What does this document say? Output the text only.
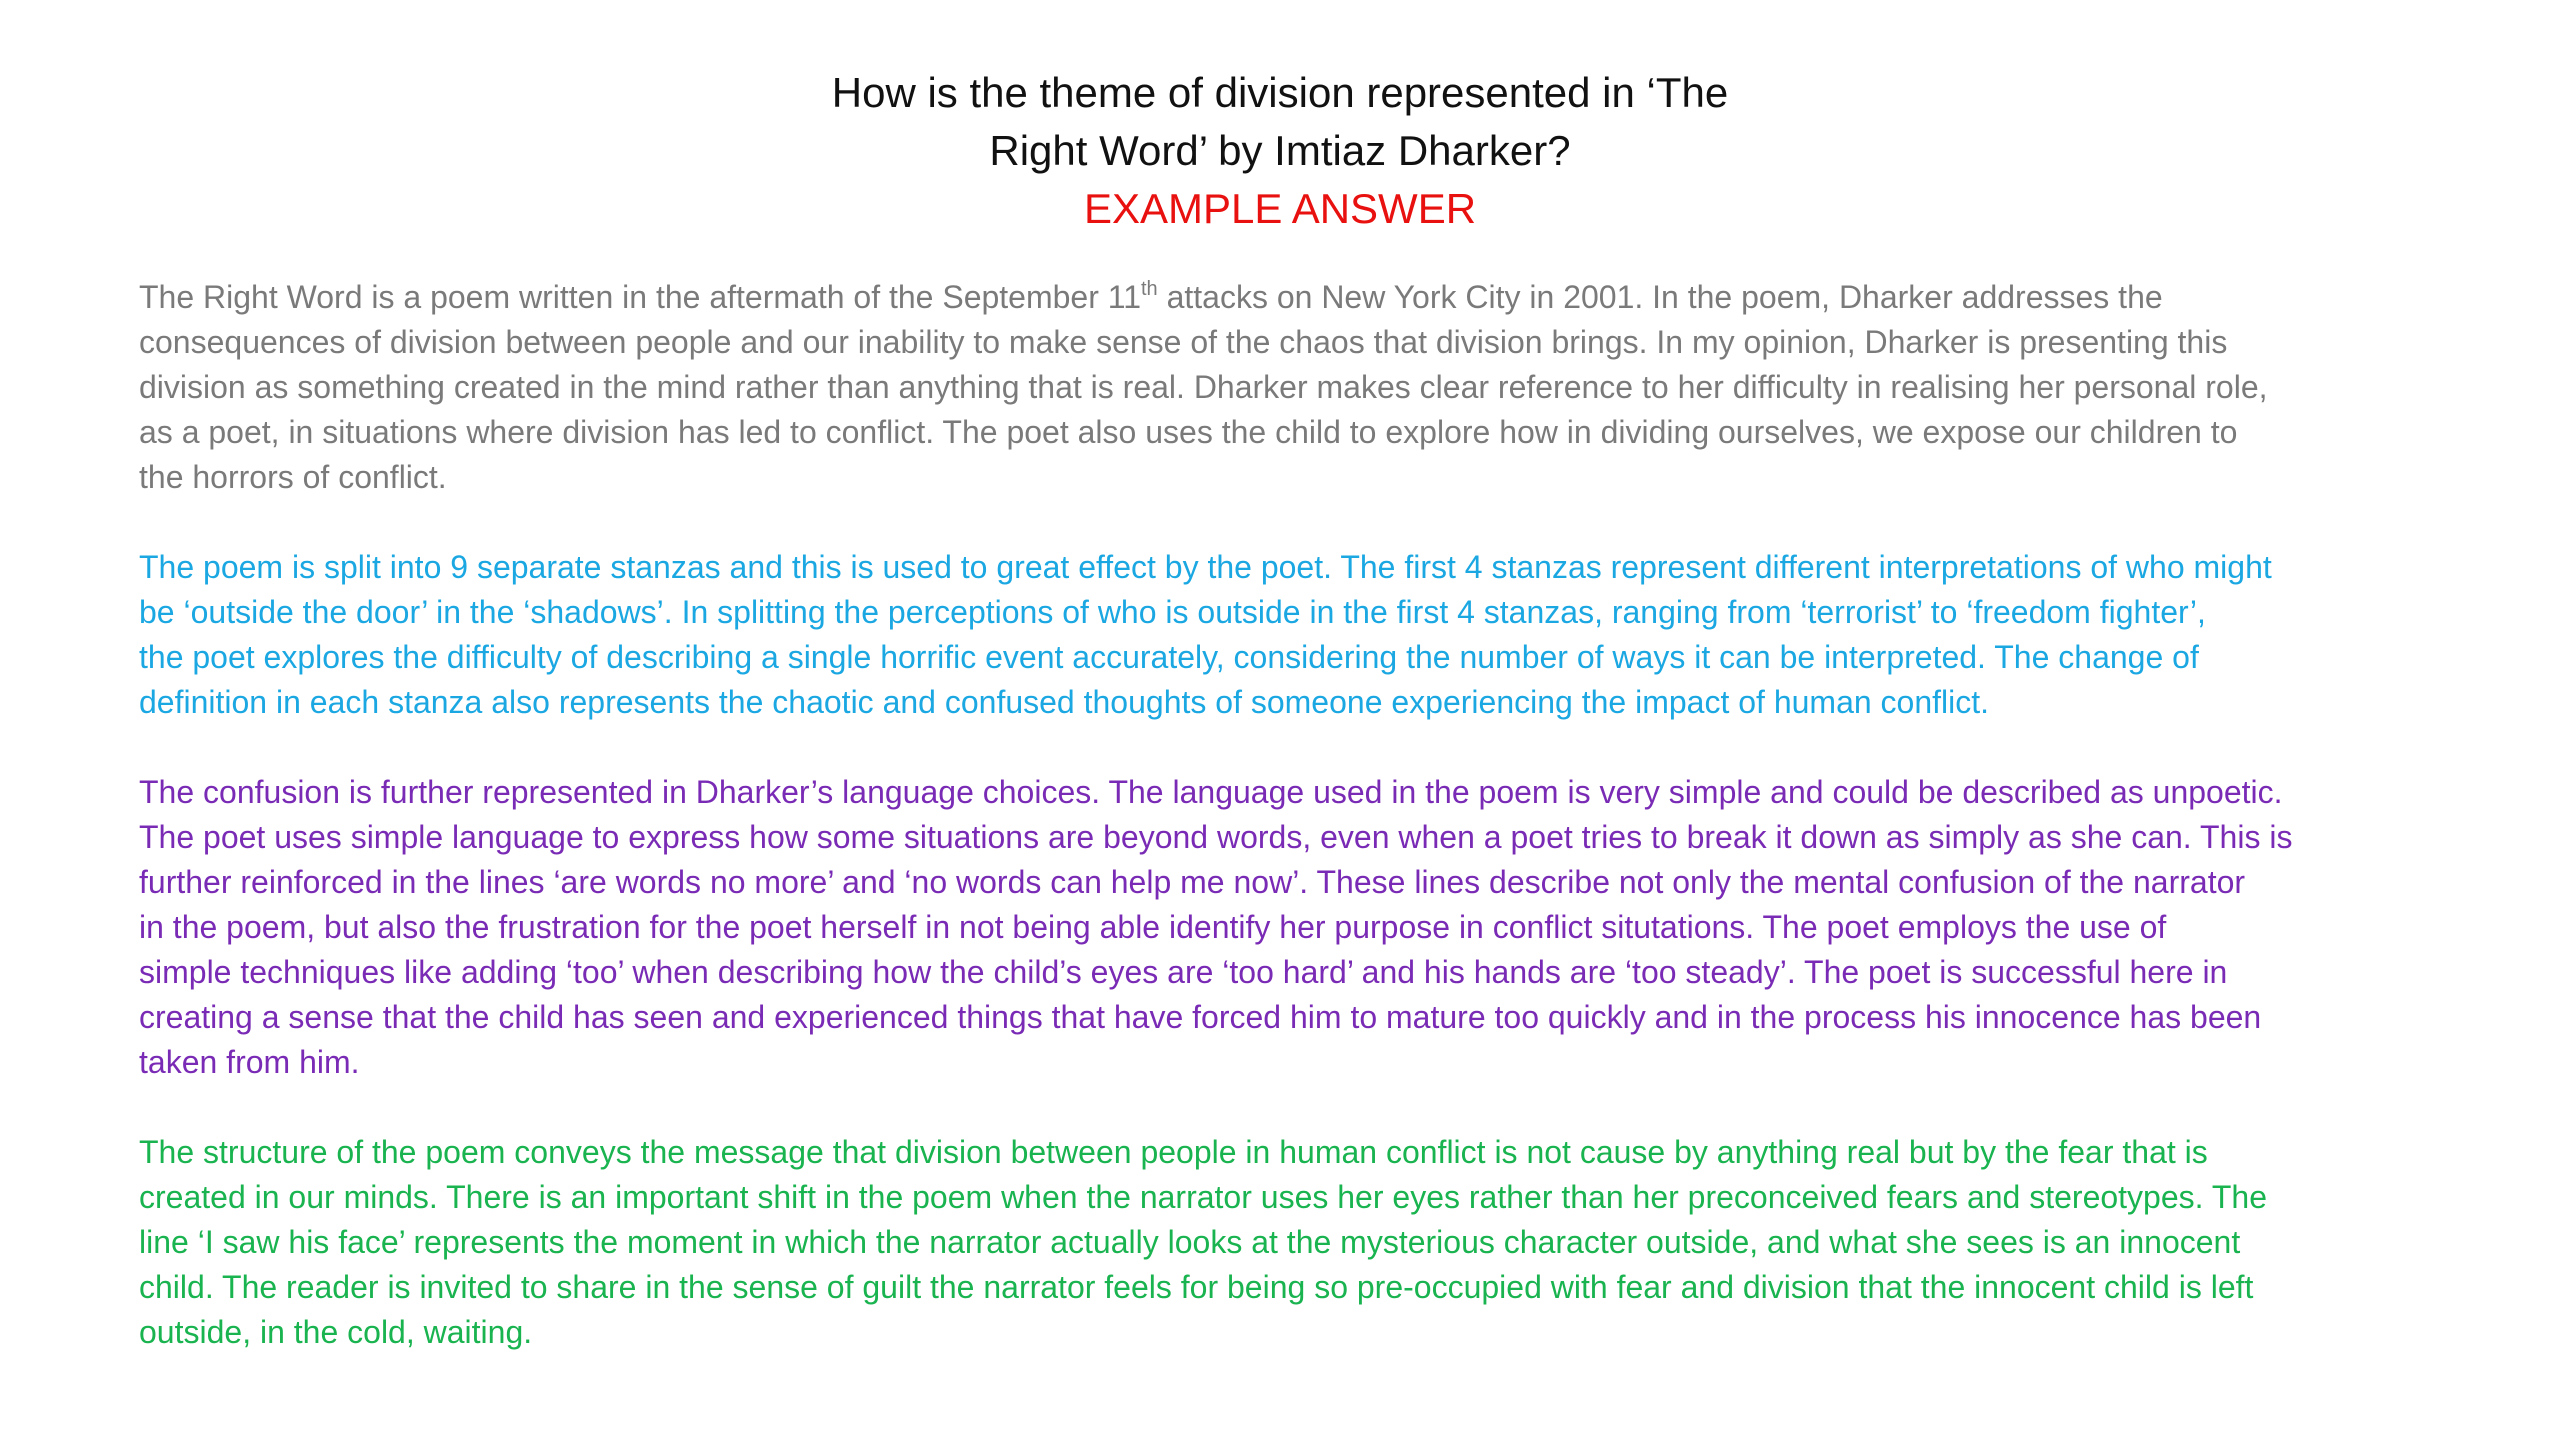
How is the theme of division represented in ‘The
Right Word’ by Imtiaz Dharker?
EXAMPLE ANSWER
The Right Word is a poem written in the aftermath of the September 11th attacks on New York City in 2001. In the poem, Dharker addresses the
consequences of division between people and our inability to make sense of the chaos that division brings. In my opinion, Dharker is presenting this
division as something created in the mind rather than anything that is real. Dharker makes clear reference to her difficulty in realising her personal role,
as a poet, in situations where division has led to conflict. The poet also uses the child to explore how in dividing ourselves, we expose our children to
the horrors of conflict.
The poem is split into 9 separate stanzas and this is used to great effect by the poet. The first 4 stanzas represent different interpretations of who might
be ‘outside the door’ in the ‘shadows’. In splitting the perceptions of who is outside in the first 4 stanzas, ranging from ‘terrorist’ to ‘freedom fighter’,
the poet explores the difficulty of describing a single horrific event accurately, considering the number of ways it can be interpreted. The change of
definition in each stanza also represents the chaotic and confused thoughts of someone experiencing the impact of human conflict.
The confusion is further represented in Dharker’s language choices. The language used in the poem is very simple and could be described as unpoetic.
The poet uses simple language to express how some situations are beyond words, even when a poet tries to break it down as simply as she can. This is
further reinforced in the lines ‘are words no more’ and ‘no words can help me now’. These lines describe not only the mental confusion of the narrator
in the poem, but also the frustration for the poet herself in not being able identify her purpose in conflict situtations. The poet employs the use of
simple techniques like adding ‘too’ when describing how the child’s eyes are ‘too hard’ and his hands are ‘too steady’. The poet is successful here in
creating a sense that the child has seen and experienced things that have forced him to mature too quickly and in the process his innocence has been
taken from him.
The structure of the poem conveys the message that division between people in human conflict is not cause by anything real but by the fear that is
created in our minds. There is an important shift in the poem when the narrator uses her eyes rather than her preconceived fears and stereotypes. The
line ‘I saw his face’ represents the moment in which the narrator actually looks at the mysterious character outside, and what she sees is an innocent
child. The reader is invited to share in the sense of guilt the narrator feels for being so pre-occupied with fear and division that the innocent child is left
outside, in the cold, waiting.
